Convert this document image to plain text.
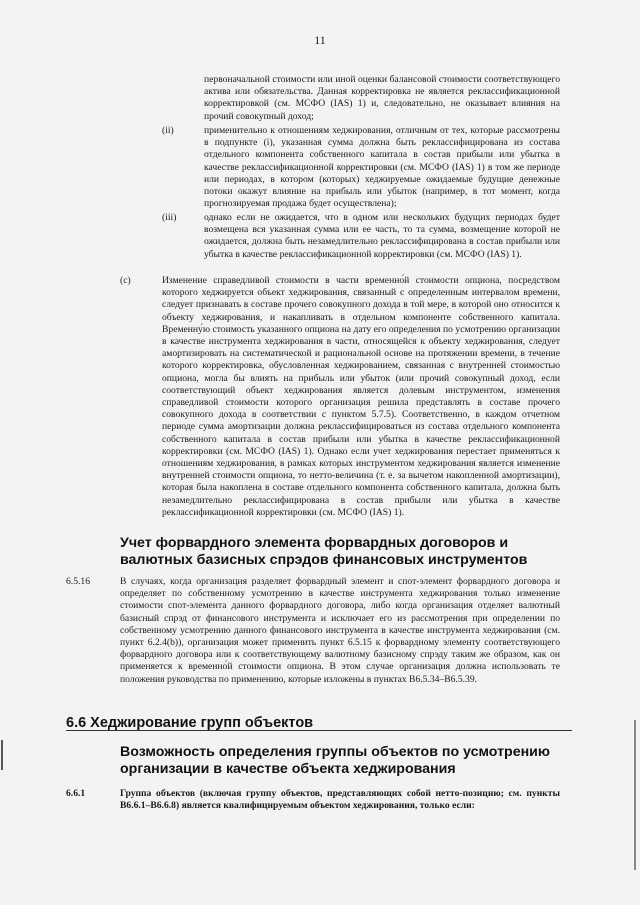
11

первоначальной стоимости или иной оценки балансовой стоимости соответствующего актива или обязательства. Данная корректировка не является реклассификационной корректировкой (см. МСФО (IAS) 1) и, следовательно, не оказывает влияния на прочий совокупный доход;

(ii)	применительно к отношениям хеджирования, отличным от тех, которые рассмотрены в подпункте (i), указанная сумма должна быть реклассифицирована из состава отдельного компонента собственного капитала в состав прибыли или убытка в качестве реклассификационной корректировки (см. МСФО (IAS) 1) в том же периоде или периодах, в котором (которых) хеджируемые ожидаемые будущие денежные потоки окажут влияние на прибыль или убыток (например, в тот момент, когда прогнозируемая продажа будет осуществлена);

(iii)	однако если не ожидается, что в одном или нескольких будущих периодах будет возмещена вся указанная сумма или ее часть, то та сумма, возмещение которой не ожидается, должна быть незамедлительно реклассифицирована в состав прибыли или убытка в качестве реклассификационной корректировки (см. МСФО (IAS) 1).

(c)	Изменение справедливой стоимости в части временно́й стоимости опциона, посредством которого хеджируется объект хеджирования, связанный с определенным интервалом времени, следует признавать в составе прочего совокупного дохода в той мере, в которой оно относится к объекту хеджирования, и накапливать в отдельном компоненте собственного капитала. Временну́ю стоимость указанного опциона на дату его определения по усмотрению организации в качестве инструмента хеджирования в части, относящейся к объекту хеджирования, следует амортизировать на систематической и рациональной основе на протяжении времени, в течение которого корректировка, обусловленная хеджированием, связанная с внутренней стоимостью опциона, могла бы влиять на прибыль или убыток (или прочий совокупный доход, если соответствующий объект хеджирования является долевым инструментом, изменения справедливой стоимости которого организация решила представлять в составе прочего совокупного дохода в соответствии с пунктом 5.7.5). Соответственно, в каждом отчетном периоде сумма амортизации должна реклассифицироваться из состава отдельного компонента собственного капитала в состав прибыли или убытка в качестве реклассификационной корректировки (см. МСФО (IAS) 1). Однако если учет хеджирования перестает применяться к отношениям хеджирования, в рамках которых инструментом хеджирования является изменение внутренней стоимости опциона, то нетто-величина (т. е. за вычетом накопленной амортизации), которая была накоплена в составе отдельного компонента собственного капитала, должна быть незамедлительно реклассифицирована в состав прибыли или убытка в качестве реклассификационной корректировки (см. МСФО (IAS) 1).

Учет форвардного элемента форвардных договоров и валютных базисных спрэдов финансовых инструментов

6.5.16	В случаях, когда организация разделяет форвардный элемент и спот-элемент форвардного договора и определяет по собственному усмотрению в качестве инструмента хеджирования только изменение стоимости спот-элемента данного форвардного договора, либо когда организация отделяет валютный базисный спрэд от финансового инструмента и исключает его из рассмотрения при определении по собственному усмотрению данного финансового инструмента в качестве инструмента хеджирования (см. пункт 6.2.4(b)), организация может применить пункт 6.5.15 к форвардному элементу соответствующего форвардного договора или к соответствующему валютному базисному спрэду таким же образом, как он применяется к временно́й стоимости опциона. В этом случае организация должна использовать те положения руководства по применению, которые изложены в пунктах B6.5.34–B6.5.39.

6.6 Хеджирование групп объектов
Возможность определения группы объектов по усмотрению организации в качестве объекта хеджирования

6.6.1	Группа объектов (включая группу объектов, представляющих собой нетто-позицию; см. пункты B6.6.1–B6.6.8) является квалифицируемым объектом хеджирования, только если:
